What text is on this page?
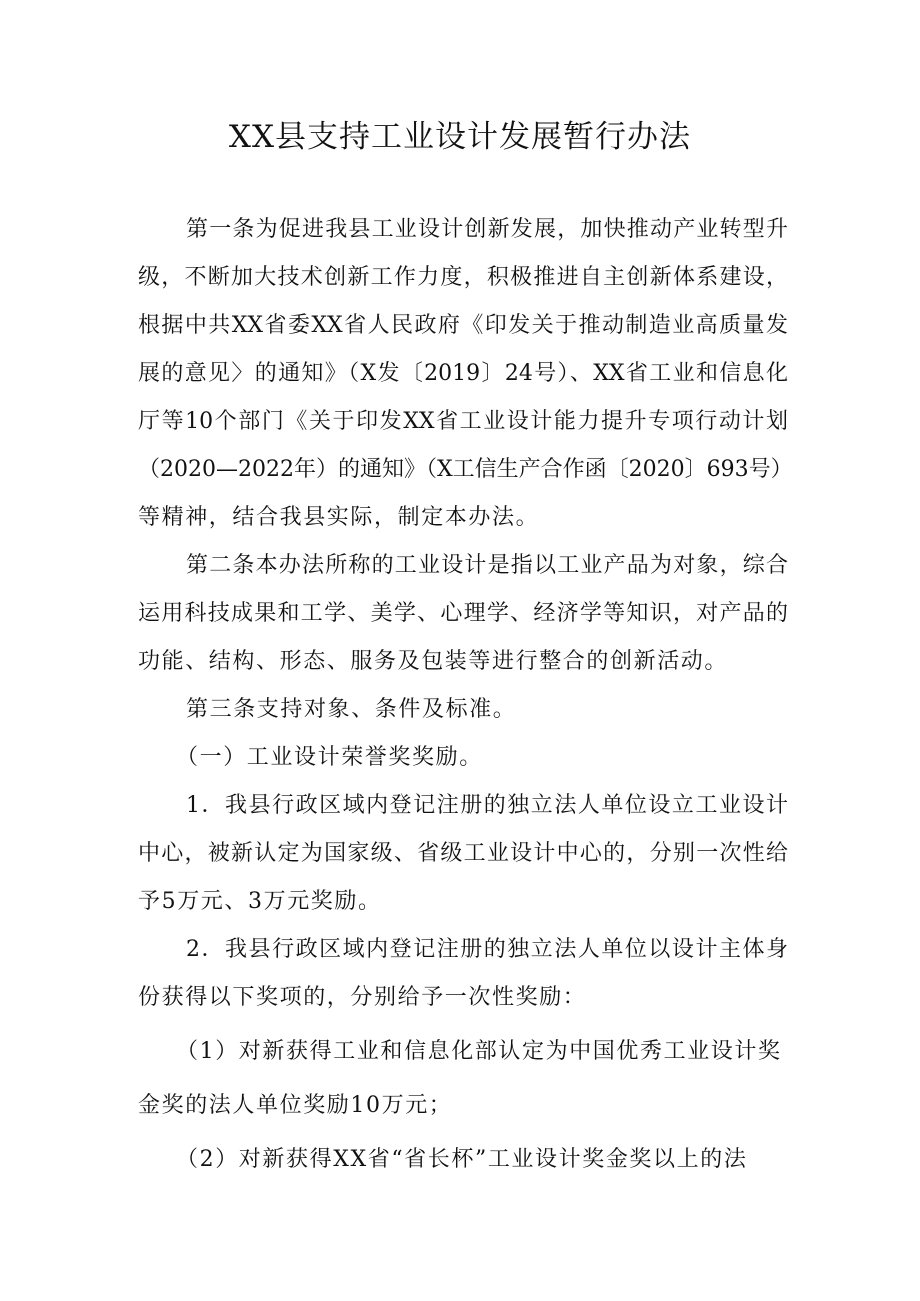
XX县支持工业设计发展暂行办法
第一条为促进我县工业设计创新发展，加快推动产业转型升
级，不断加大技术创新工作力度，积极推进自主创新体系建设，
根据中共XX省委XX省人民政府《印发关于推动制造业高质量发
展的意见〉的通知》（X发〔2019〕24号）、XX省工业和信息化
厅等10个部门《关于印发XX省工业设计能力提升专项行动计划
（2020—2022年）的通知》（X工信生产合作函〔2020〕693号）
等精神，结合我县实际，制定本办法。
第二条本办法所称的工业设计是指以工业产品为对象，综合
运用科技成果和工学、美学、心理学、经济学等知识，对产品的
功能、结构、形态、服务及包装等进行整合的创新活动。
第三条支持对象、条件及标准。
（一）工业设计荣誉奖奖励。
1．我县行政区域内登记注册的独立法人单位设立工业设计
中心，被新认定为国家级、省级工业设计中心的，分别一次性给
予5万元、3万元奖励。
2．我县行政区域内登记注册的独立法人单位以设计主体身
份获得以下奖项的，分别给予一次性奖励：
（1）对新获得工业和信息化部认定为中国优秀工业设计奖
金奖的法人单位奖励10万元；
（2）对新获得XX省“省长杯”工业设计奖金奖以上的法
